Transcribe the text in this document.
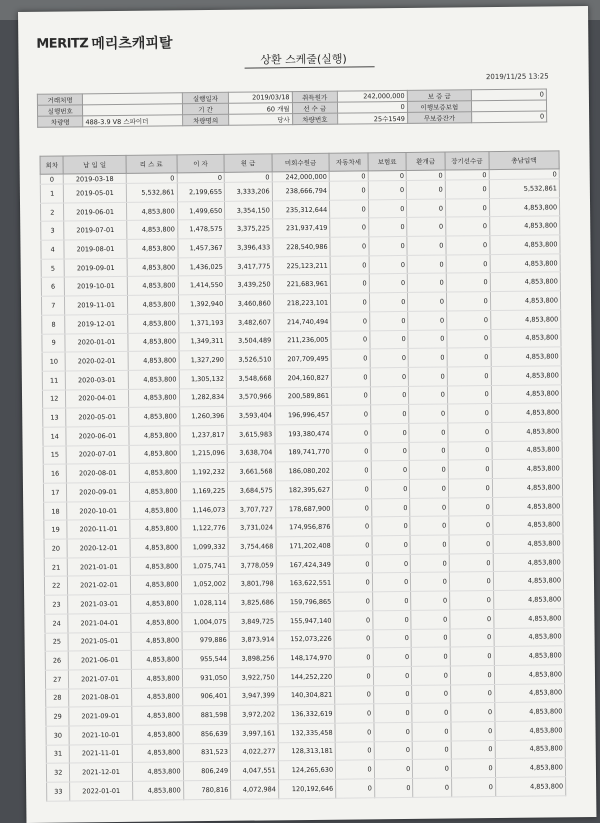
MERITZ 메리츠캐피탈
상환 스케줄(실행)
2019/11/25 13:25
거래처명		실행일자	2019/03/18	취득원가	242,000,000	보 증 금	0
실행번호		기 간	60 개월	선 수 금	0	이행보증보험	
차량명	488-3.9 V8 스파이더	차량명의	당사	차량번호	25수1549	무보증잔가	0
회차	납 입 일	리 스 료	이 자	원 금	미회수원금	자동차세	보험료	환개금	장기선수금	총납입액
0	2019-03-18	0	0	0	242,000,000	0	0	0	0	0
1	2019-05-01	5,532,861	2,199,655	3,333,206	238,666,794	0	0	0	0	5,532,861
2	2019-06-01	4,853,800	1,499,650	3,354,150	235,312,644	0	0	0	0	4,853,800
3	2019-07-01	4,853,800	1,478,575	3,375,225	231,937,419	0	0	0	0	4,853,800
4	2019-08-01	4,853,800	1,457,367	3,396,433	228,540,986	0	0	0	0	4,853,800
5	2019-09-01	4,853,800	1,436,025	3,417,775	225,123,211	0	0	0	0	4,853,800
6	2019-10-01	4,853,800	1,414,550	3,439,250	221,683,961	0	0	0	0	4,853,800
7	2019-11-01	4,853,800	1,392,940	3,460,860	218,223,101	0	0	0	0	4,853,800
8	2019-12-01	4,853,800	1,371,193	3,482,607	214,740,494	0	0	0	0	4,853,800
9	2020-01-01	4,853,800	1,349,311	3,504,489	211,236,005	0	0	0	0	4,853,800
10	2020-02-01	4,853,800	1,327,290	3,526,510	207,709,495	0	0	0	0	4,853,800
11	2020-03-01	4,853,800	1,305,132	3,548,668	204,160,827	0	0	0	0	4,853,800
12	2020-04-01	4,853,800	1,282,834	3,570,966	200,589,861	0	0	0	0	4,853,800
13	2020-05-01	4,853,800	1,260,396	3,593,404	196,996,457	0	0	0	0	4,853,800
14	2020-06-01	4,853,800	1,237,817	3,615,983	193,380,474	0	0	0	0	4,853,800
15	2020-07-01	4,853,800	1,215,096	3,638,704	189,741,770	0	0	0	0	4,853,800
16	2020-08-01	4,853,800	1,192,232	3,661,568	186,080,202	0	0	0	0	4,853,800
17	2020-09-01	4,853,800	1,169,225	3,684,575	182,395,627	0	0	0	0	4,853,800
18	2020-10-01	4,853,800	1,146,073	3,707,727	178,687,900	0	0	0	0	4,853,800
19	2020-11-01	4,853,800	1,122,776	3,731,024	174,956,876	0	0	0	0	4,853,800
20	2020-12-01	4,853,800	1,099,332	3,754,468	171,202,408	0	0	0	0	4,853,800
21	2021-01-01	4,853,800	1,075,741	3,778,059	167,424,349	0	0	0	0	4,853,800
22	2021-02-01	4,853,800	1,052,002	3,801,798	163,622,551	0	0	0	0	4,853,800
23	2021-03-01	4,853,800	1,028,114	3,825,686	159,796,865	0	0	0	0	4,853,800
24	2021-04-01	4,853,800	1,004,075	3,849,725	155,947,140	0	0	0	0	4,853,800
25	2021-05-01	4,853,800	979,886	3,873,914	152,073,226	0	0	0	0	4,853,800
26	2021-06-01	4,853,800	955,544	3,898,256	148,174,970	0	0	0	0	4,853,800
27	2021-07-01	4,853,800	931,050	3,922,750	144,252,220	0	0	0	0	4,853,800
28	2021-08-01	4,853,800	906,401	3,947,399	140,304,821	0	0	0	0	4,853,800
29	2021-09-01	4,853,800	881,598	3,972,202	136,332,619	0	0	0	0	4,853,800
30	2021-10-01	4,853,800	856,639	3,997,161	132,335,458	0	0	0	0	4,853,800
31	2021-11-01	4,853,800	831,523	4,022,277	128,313,181	0	0	0	0	4,853,800
32	2021-12-01	4,853,800	806,249	4,047,551	124,265,630	0	0	0	0	4,853,800
33	2022-01-01	4,853,800	780,816	4,072,984	120,192,646	0	0	0	0	4,853,800
